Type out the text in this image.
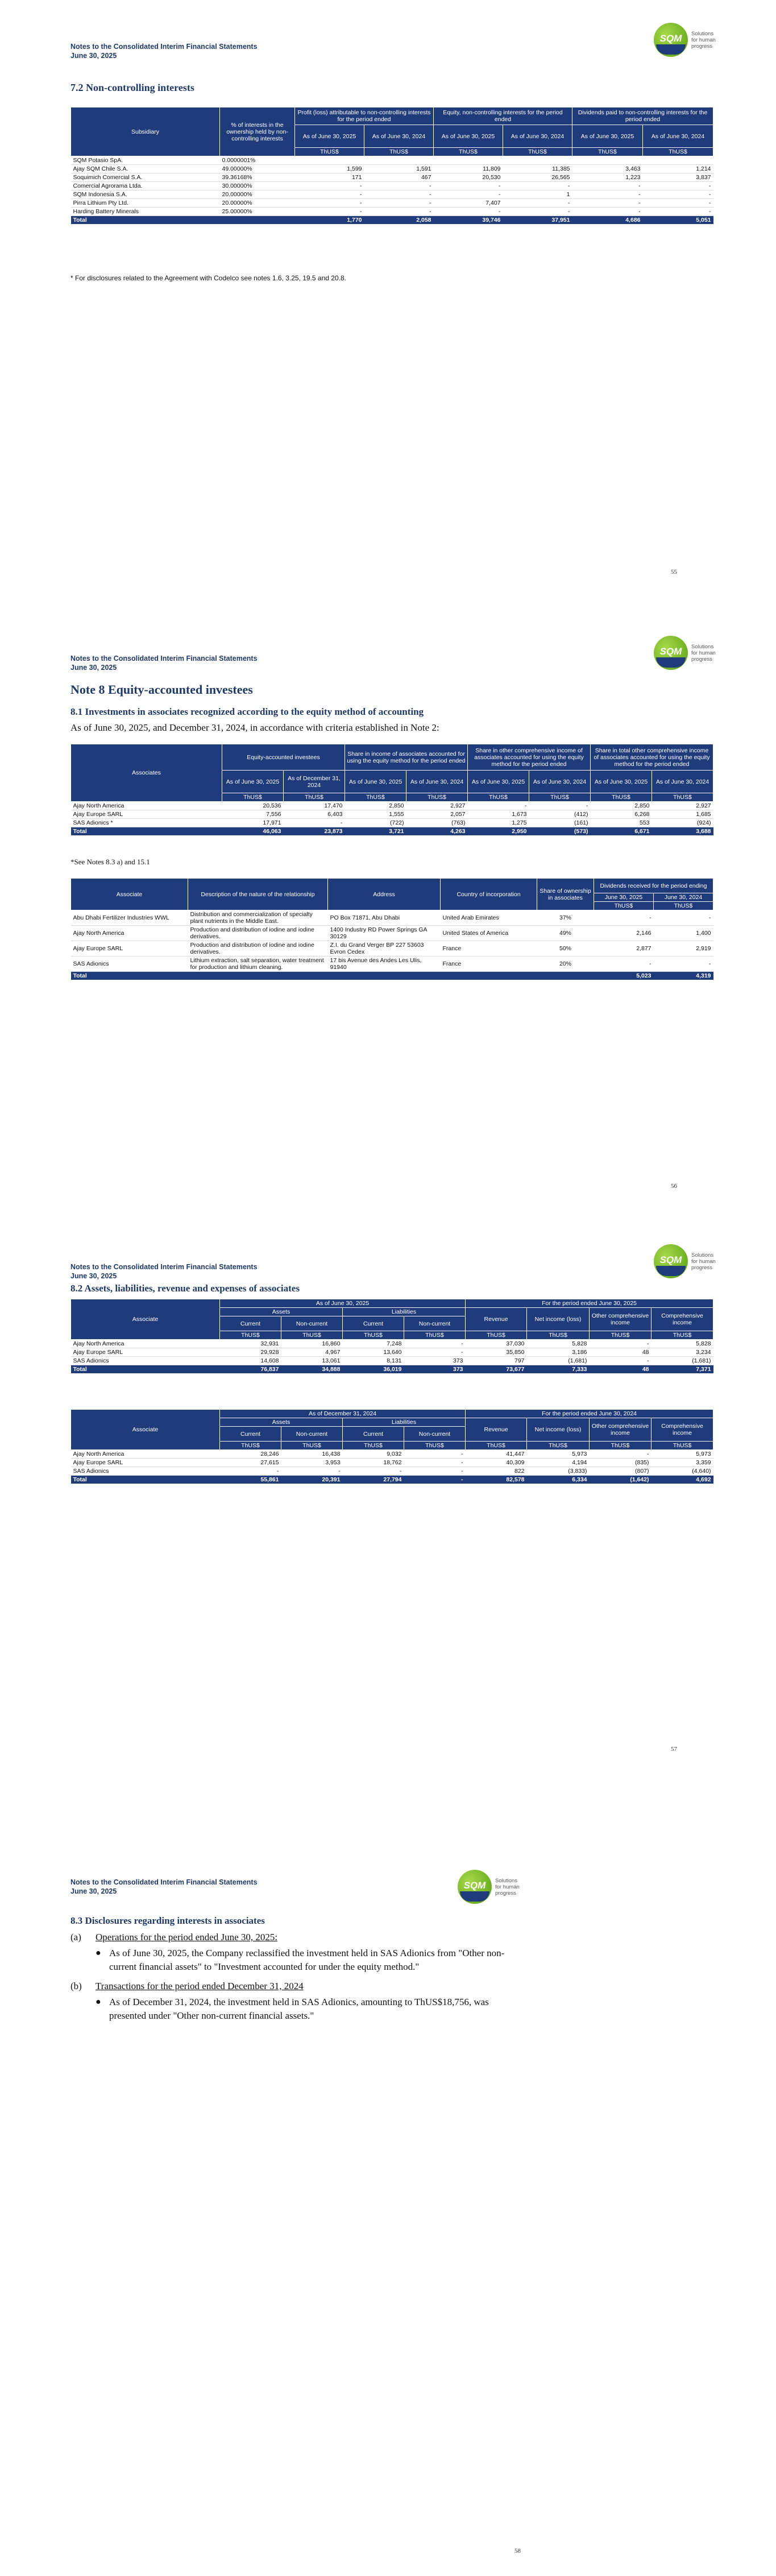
Notes to the Consolidated Interim Financial Statements
June 30, 2025
SQM	Solutions
for human
progress
7.2 Non-controlling interests
Subsidiary	% of interests in the ownership held by non-controlling interests	Profit (loss) attributable to non-controlling interests for the period ended		Equity, non-controlling interests for the period ended		Dividends paid to non-controlling interests for the period ended	
		As of June 30, 2025	As of June 30, 2024	As of June 30, 2025	As of June 30, 2024	As of June 30, 2025	As of June 30, 2024
		ThUS$	ThUS$	ThUS$	ThUS$	ThUS$	ThUS$
SQM Potasio SpA.	0.0000001%						
Ajay SQM Chile S.A.	49.00000%	1,599	1,591	11,809	11,385	3,463	1,214
Soquimich Comercial S.A.	39.36168%	171	467	20,530	26,565	1,223	3,837
Comercial Agrorama Ltda.	30.00000%	-	-	-	-	-	-
SQM Indonesia S.A.	20.00000%	-	-	-	1	-	-
Pirra Lithium Pty Ltd.	20.00000%	-	-	7,407	-	-	-
Harding Battery Minerals	25.00000%	-	-	-	-	-	-
Total		1,770	2,058	39,746	37,951	4,686	5,051
* For disclosures related to the Agreement with Codelco see notes 1.6, 3.25, 19.5 and 20.8.
55
Notes to the Consolidated Interim Financial Statements
June 30, 2025
SQM	Solutions
for human
progress
Note 8 Equity-accounted investees
8.1 Investments in associates recognized according to the equity method of accounting
As of June 30, 2025, and December 31, 2024, in accordance with criteria established in Note 2:
Associates	Equity-accounted investees		Share in income of associates accounted for using the equity method for the period ended		Share in other comprehensive income of associates accounted for using the equity method for the period ended		Share in total other comprehensive income of associates accounted for using the equity method for the period ended	
	As of June 30, 2025	As of December 31, 2024	As of June 30, 2025	As of June 30, 2024	As of June 30, 2025	As of June 30, 2024	As of June 30, 2025	As of June 30, 2024
	ThUS$	ThUS$	ThUS$	ThUS$	ThUS$	ThUS$	ThUS$	ThUS$
Ajay North America	20,536	17,470	2,850	2,927	-	-	2,850	2,927
Ajay Europe SARL	7,556	6,403	1,555	2,057	1,673	(412)	6,268	1,685
SAS Adionics *	17,971	-	(722)	(763)	1,275	(161)	553	(924)
Total	46,063	23,873	3,721	4,263	2,950	(573)	6,671	3,688
*See Notes 8.3 a) and 15.1
Associate	Description of the nature of the relationship	Address	Country of incorporation	Share of ownership in associates	Dividends received for the period ending	
					June 30, 2025	June 30, 2024
					ThUS$	ThUS$
Abu Dhabi Fertilizer Industries WWL	Distribution and commercialization of specialty plant nutrients in the Middle East.	PO Box 71871, Abu Dhabi	United Arab Emirates	37%	-	-
Ajay North America	Production and distribution of iodine and iodine derivatives.	1400 Industry RD Power Springs GA 30129	United States of America	49%	2,146	1,400
Ajay Europe SARL	Production and distribution of iodine and iodine derivatives.	Z.I. du Grand Verger BP 227 53603 Evron Cedex	France	50%	2,877	2,919
SAS Adionics	Lithium extraction, salt separation, water treatment for production and lithium cleaning.	17 bis Avenue des Andes Les Ulis, 91940	France	20%	-	-
Total					5,023	4,319
56
Notes to the Consolidated Interim Financial Statements
June 30, 2025
SQM	Solutions
for human
progress
8.2 Assets, liabilities, revenue and expenses of associates
Associate	As of June 30, 2025				For the period ended June 30, 2025			
	Assets		Liabilities		Revenue	Net income (loss)	Other comprehensive income	Comprehensive income
	Current	Non-current	Current	Non-current				
	ThUS$	ThUS$	ThUS$	ThUS$	ThUS$	ThUS$	ThUS$	ThUS$
Ajay North America	32,931	16,860	7,248	-	37,030	5,828	-	5,828
Ajay Europe SARL	29,928	4,967	13,640	-	35,850	3,186	48	3,234
SAS Adionics	14,608	13,061	8,131	373	797	(1,681)	-	(1,681)
Total	76,837	34,888	36,019	373	73,677	7,333	48	7,371
Associate	As of December 31, 2024				For the period ended June 30, 2024			
	Assets		Liabilities		Revenue	Net income (loss)	Other comprehensive income	Comprehensive income
	Current	Non-current	Current	Non-current				
	ThUS$	ThUS$	ThUS$	ThUS$	ThUS$	ThUS$	ThUS$	ThUS$
Ajay North America	28,246	16,438	9,032	-	41,447	5,973	-	5,973
Ajay Europe SARL	27,615	3,953	18,762	-	40,309	4,194	(835)	3,359
SAS Adionics	-	-	-	-	822	(3,833)	(807)	(4,640)
Total	55,861	20,391	27,794	-	82,578	6,334	(1,642)	4,692
57
Notes to the Consolidated Interim Financial Statements
June 30, 2025
SQM	Solutions
for human
progress
8.3 Disclosures regarding interests in associates
(a) Operations for the period ended June 30, 2025:
● As of June 30, 2025, the Company reclassified the investment held in SAS Adionics from "Other non-
current financial assets" to "Investment accounted for under the equity method."
(b) Transactions for the period ended December 31, 2024
● As of December 31, 2024, the investment held in SAS Adionics, amounting to ThUS$18,756, was
presented under "Other non-current financial assets."
58
